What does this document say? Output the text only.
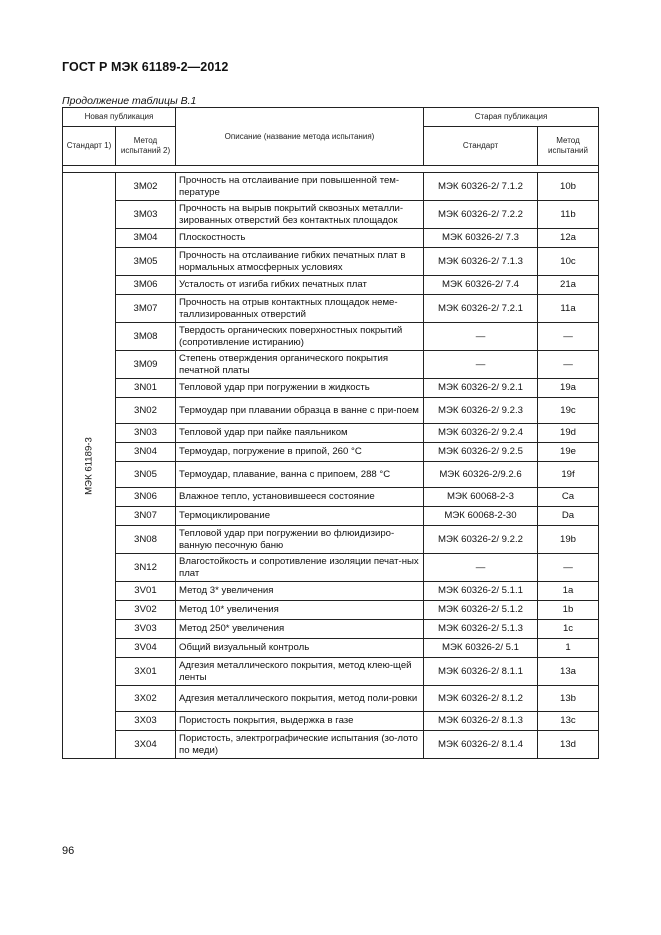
ГОСТ Р МЭК 61189-2—2012
Продолжение таблицы В.1
Новая публикация		Описание (название метода испытания)	Старая публикация	
Стандарт 1)	Метод испытаний 2)		Стандарт	Метод испытаний

МЭК 61189-3	3M02	Прочность на отслаивание при повышенной тем-пературе	МЭК 60326-2/ 7.1.2	10b
	3M03	Прочность на вырыв покрытий сквозных металли-зированных отверстий без контактных площадок	МЭК 60326-2/ 7.2.2	11b
	3M04	Плоскостность	МЭК 60326-2/ 7.3	12a
	3M05	Прочность на отслаивание гибких печатных плат в нормальных атмосферных условиях	МЭК 60326-2/ 7.1.3	10c
	3M06	Усталость от изгиба гибких печатных плат	МЭК 60326-2/ 7.4	21a
	3M07	Прочность на отрыв контактных площадок неме-таллизированных отверстий	МЭК 60326-2/ 7.2.1	11a
	3M08	Твердость органических поверхностных покрытий (сопротивление истиранию)	—	—
	3M09	Степень отверждения органического покрытия печатной платы	—	—
	3N01	Тепловой удар при погружении в жидкость	МЭК 60326-2/ 9.2.1	19a
	3N02	Термоудар при плавании образца в ванне с при-поем	МЭК 60326-2/ 9.2.3	19c
	3N03	Тепловой удар при пайке паяльником	МЭК 60326-2/ 9.2.4	19d
	3N04	Термоудар, погружение в припой, 260 °С	МЭК 60326-2/ 9.2.5	19e
	3N05	Термоудар, плавание, ванна с припоем, 288 °С	МЭК 60326-2/9.2.6	19f
	3N06	Влажное тепло, установившееся состояние	МЭК 60068-2-3	Ca
	3N07	Термоциклирование	МЭК 60068-2-30	Da
	3N08	Тепловой удар при погружении во флюидизиро-ванную песочную баню	МЭК 60326-2/ 9.2.2	19b
	3N12	Влагостойкость и сопротивление изоляции печат-ных плат	—	—
	3V01	Метод 3* увеличения	МЭК 60326-2/ 5.1.1	1a
	3V02	Метод 10* увеличения	МЭК 60326-2/ 5.1.2	1b
	3V03	Метод 250* увеличения	МЭК 60326-2/ 5.1.3	1c
	3V04	Общий визуальный контроль	МЭК 60326-2/ 5.1	1
	3X01	Адгезия металлического покрытия, метод клею-щей ленты	МЭК 60326-2/ 8.1.1	13a
	3X02	Адгезия металлического покрытия, метод поли-ровки	МЭК 60326-2/ 8.1.2	13b
	3X03	Пористость покрытия, выдержка в газе	МЭК 60326-2/ 8.1.3	13c
	3X04	Пористость, электрографические испытания (зо-лото по меди)	МЭК 60326-2/ 8.1.4	13d
96
